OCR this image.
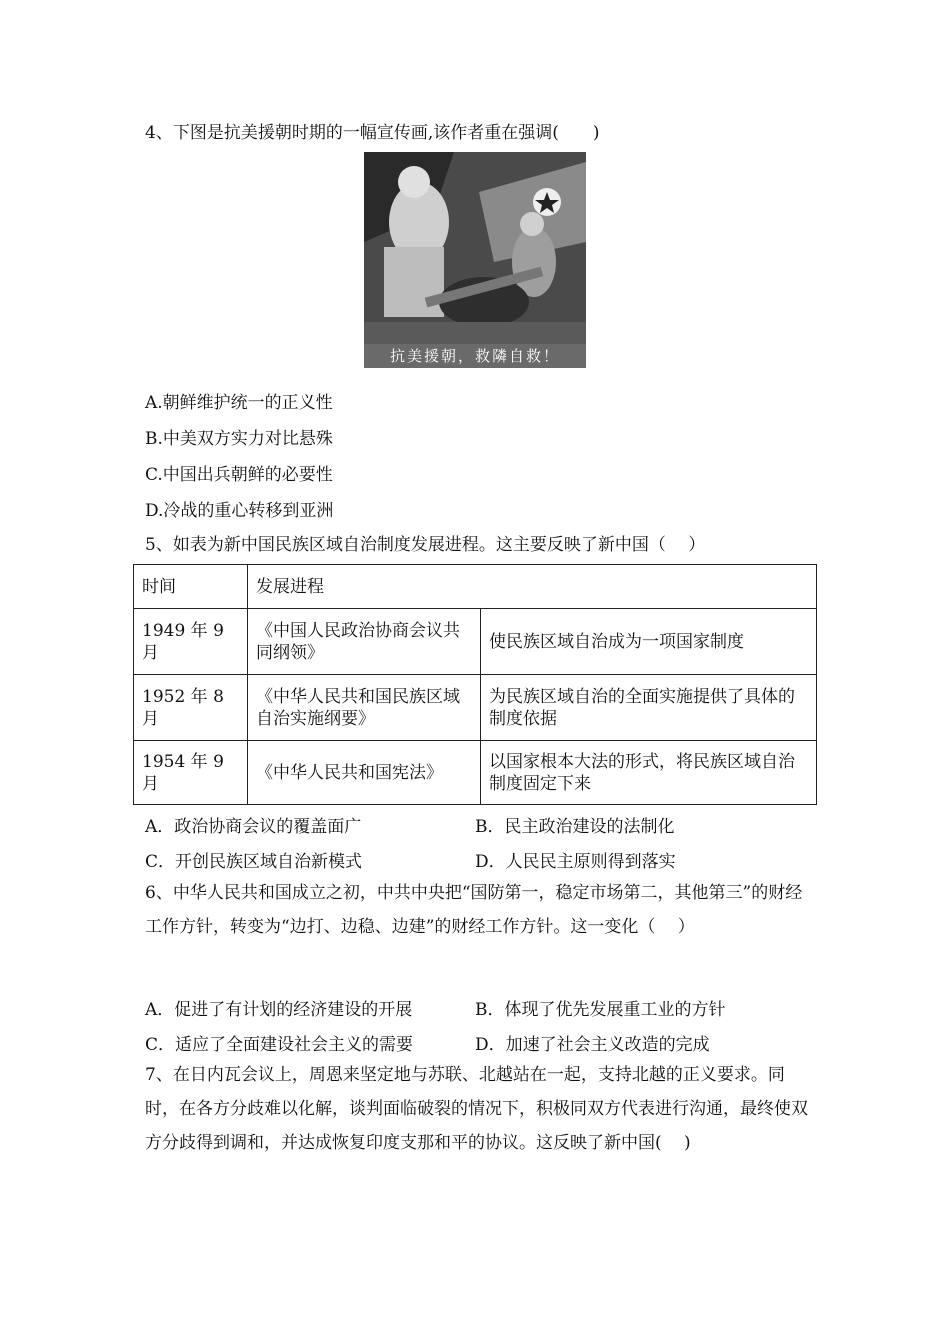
4、下图是抗美援朝时期的一幅宣传画,该作者重在强调(　　)
抗美援朝，救隣自救！
A.朝鲜维护统一的正义性
B.中美双方实力对比悬殊
C.中国出兵朝鲜的必要性
D.冷战的重心转移到亚洲
5、如表为新中国民族区域自治制度发展进程。这主要反映了新中国（　 ）
时间	发展进程	
1949 年 9 月	《中国人民政治协商会议共同纲领》	使民族区域自治成为一项国家制度
1952 年 8 月	《中华人民共和国民族区域自治实施纲要》	为民族区域自治的全面实施提供了具体的制度依据
1954 年 9 月	《中华人民共和国宪法》	以国家根本大法的形式，将民族区域自治制度固定下来
A．政治协商会议的覆盖面广	B．民主政治建设的法制化
C．开创民族区域自治新模式	D．人民民主原则得到落实
6、中华人民共和国成立之初，中共中央把“国防第一，稳定市场第二，其他第三”的财经工作方针，转变为“边打、边稳、边建”的财经工作方针。这一变化（　 ）
A．促进了有计划的经济建设的开展	B．体现了优先发展重工业的方针
C．适应了全面建设社会主义的需要	D．加速了社会主义改造的完成
7、在日内瓦会议上，周恩来坚定地与苏联、北越站在一起，支持北越的正义要求。同时，在各方分歧难以化解，谈判面临破裂的情况下，积极同双方代表进行沟通，最终使双方分歧得到调和，并达成恢复印度支那和平的协议。这反映了新中国(　 )
